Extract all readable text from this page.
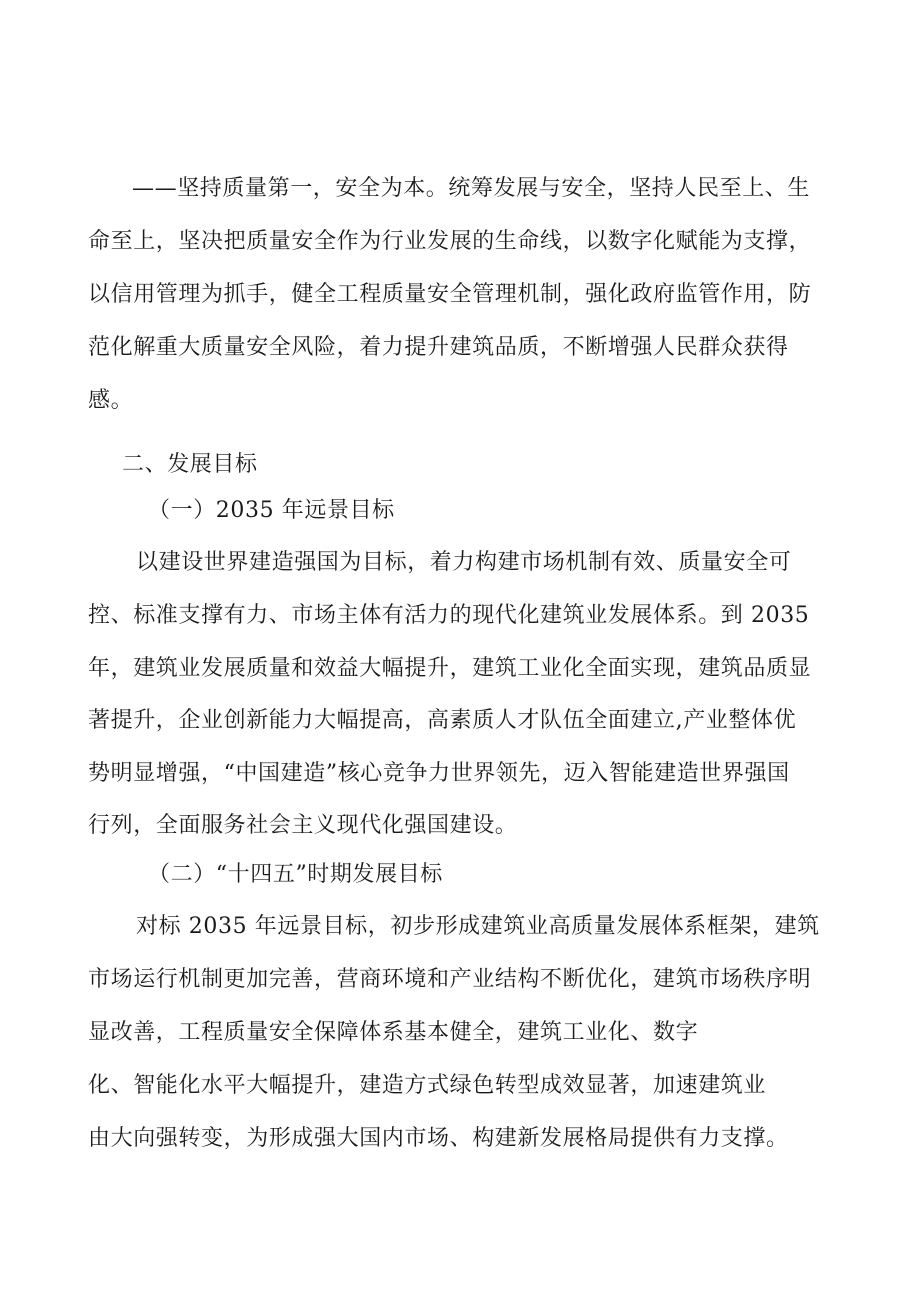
——坚持质量第一，安全为本。统筹发展与安全，坚持人民至上、生
命至上，坚决把质量安全作为行业发展的生命线，以数字化赋能为支撑，
以信用管理为抓手，健全工程质量安全管理机制，强化政府监管作用，防
范化解重大质量安全风险，着力提升建筑品质，不断增强人民群众获得
感。
二、发展目标
（一）2035 年远景目标
以建设世界建造强国为目标，着力构建市场机制有效、质量安全可
控、标准支撑有力、市场主体有活力的现代化建筑业发展体系。到 2035
年，建筑业发展质量和效益大幅提升，建筑工业化全面实现，建筑品质显
著提升，企业创新能力大幅提高，高素质人才队伍全面建立,产业整体优
势明显增强，“中国建造”核心竞争力世界领先，迈入智能建造世界强国
行列，全面服务社会主义现代化强国建设。
（二）“十四五”时期发展目标
对标 2035 年远景目标，初步形成建筑业高质量发展体系框架，建筑
市场运行机制更加完善，营商环境和产业结构不断优化，建筑市场秩序明
显改善，工程质量安全保障体系基本健全，建筑工业化、数字
化、智能化水平大幅提升，建造方式绿色转型成效显著，加速建筑业
由大向强转变，为形成强大国内市场、构建新发展格局提供有力支撑。
